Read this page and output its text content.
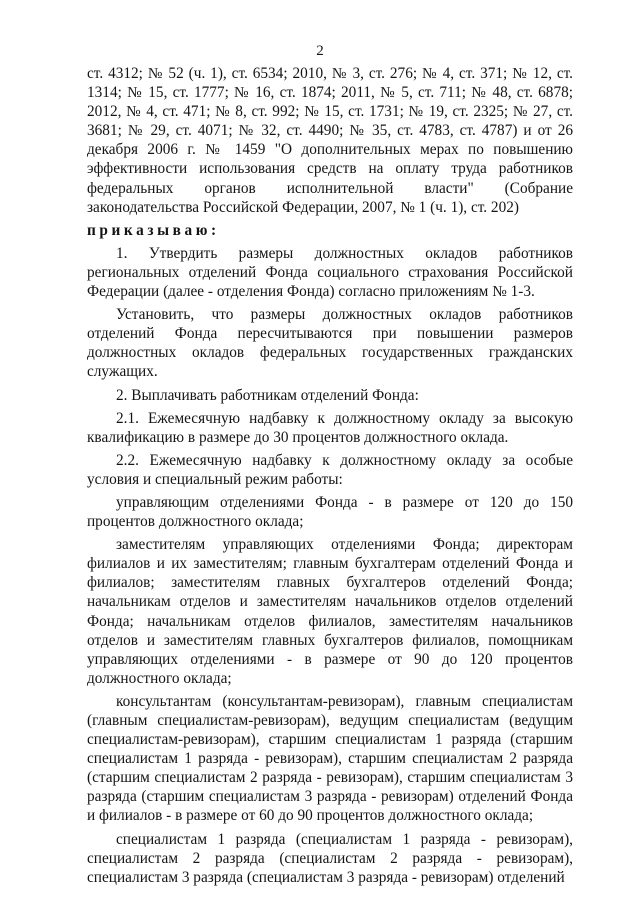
2

ст. 4312; № 52 (ч. 1), ст. 6534; 2010, № 3, ст. 276; № 4, ст. 371; № 12, ст. 1314; № 15, ст. 1777; № 16, ст. 1874; 2011, № 5, ст. 711; № 48, ст. 6878; 2012, № 4, ст. 471; № 8, ст. 992; № 15, ст. 1731; № 19, ст. 2325; № 27, ст. 3681; № 29, ст. 4071; № 32, ст. 4490; № 35, ст. 4783, ст. 4787) и от 26 декабря 2006 г. № 1459 "О дополнительных мерах по повышению эффективности использования средств на оплату труда работников федеральных органов исполнительной власти" (Собрание законодательства Российской Федерации, 2007, № 1 (ч. 1), ст. 202)

приказываю:

1. Утвердить размеры должностных окладов работников региональных отделений Фонда социального страхования Российской Федерации (далее - отделения Фонда) согласно приложениям № 1-3.

Установить, что размеры должностных окладов работников отделений Фонда пересчитываются при повышении размеров должностных окладов федеральных государственных гражданских служащих.

2. Выплачивать работникам отделений Фонда:

2.1. Ежемесячную надбавку к должностному окладу за высокую квалификацию в размере до 30 процентов должностного оклада.

2.2. Ежемесячную надбавку к должностному окладу за особые условия и специальный режим работы:

управляющим отделениями Фонда - в размере от 120 до 150 процентов должностного оклада;

заместителям управляющих отделениями Фонда; директорам филиалов и их заместителям; главным бухгалтерам отделений Фонда и филиалов; заместителям главных бухгалтеров отделений Фонда; начальникам отделов и заместителям начальников отделов отделений Фонда; начальникам отделов филиалов, заместителям начальников отделов и заместителям главных бухгалтеров филиалов, помощникам управляющих отделениями - в размере от 90 до 120 процентов должностного оклада;

консультантам (консультантам-ревизорам), главным специалистам (главным специалистам-ревизорам), ведущим специалистам (ведущим специалистам-ревизорам), старшим специалистам 1 разряда (старшим специалистам 1 разряда - ревизорам), старшим специалистам 2 разряда (старшим специалистам 2 разряда - ревизорам), старшим специалистам 3 разряда (старшим специалистам 3 разряда - ревизорам) отделений Фонда и филиалов - в размере от 60 до 90 процентов должностного оклада;

специалистам 1 разряда (специалистам 1 разряда - ревизорам), специалистам 2 разряда (специалистам 2 разряда - ревизорам), специалистам 3 разряда (специалистам 3 разряда - ревизорам) отделений
